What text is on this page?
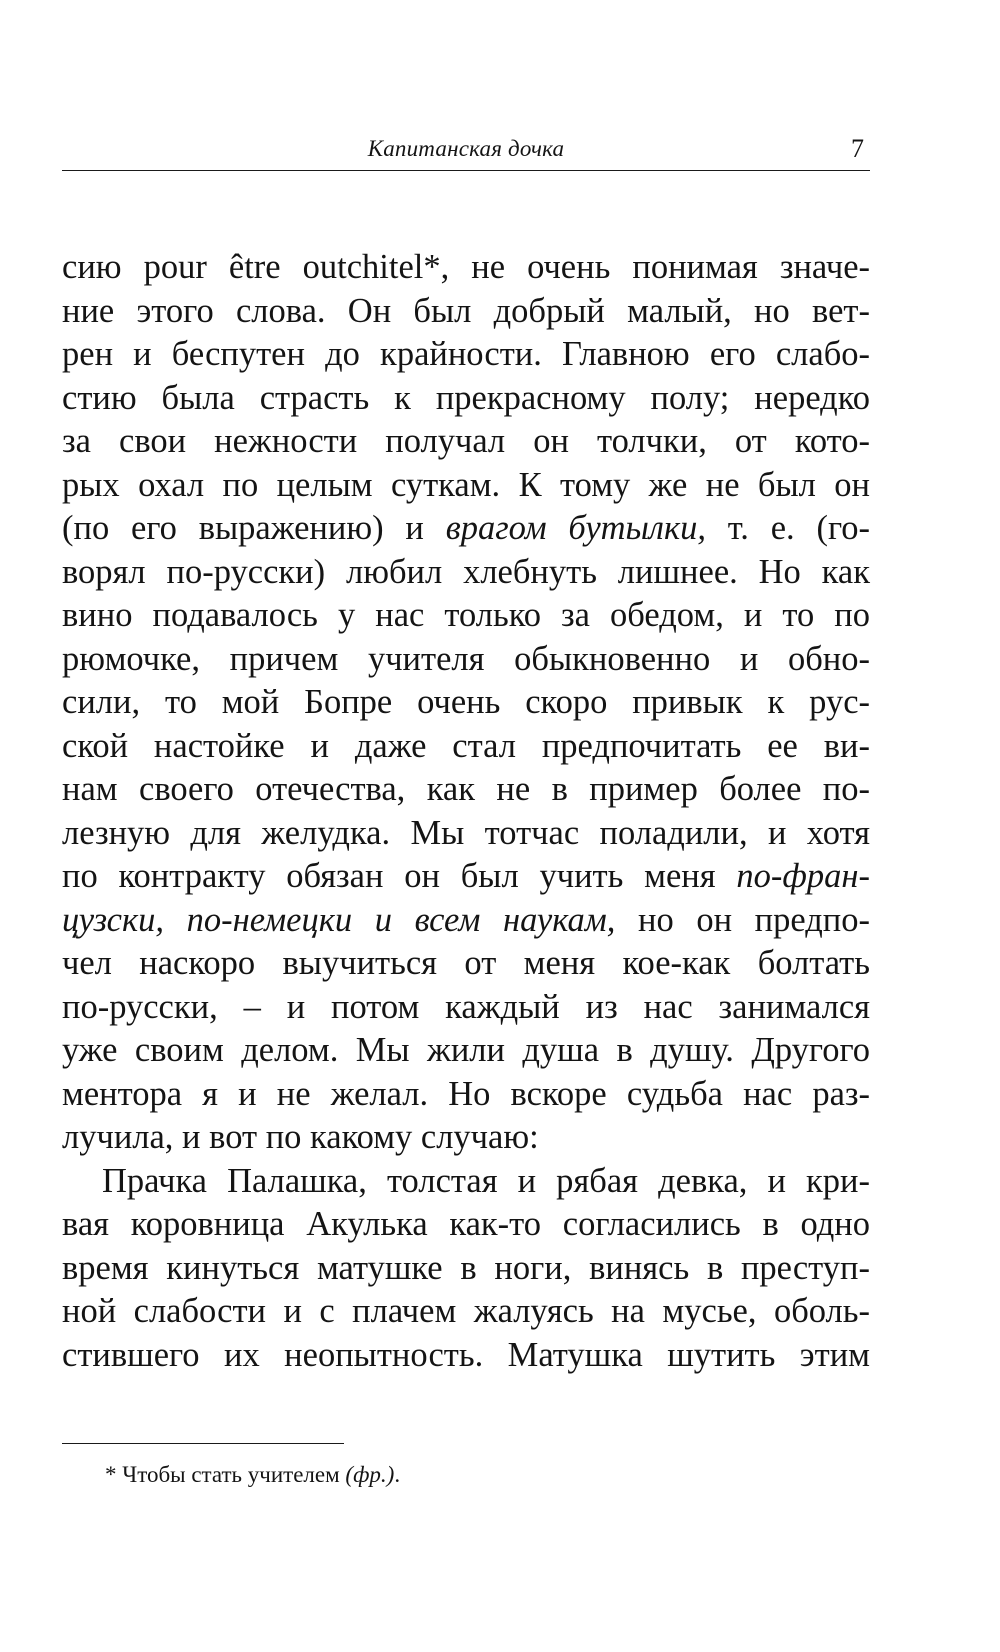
Капитанская дочка	7
сию pour être outchitel*, не очень понимая значе-
ние этого слова. Он был добрый малый, но вет-
рен и беспутен до крайности. Главною его слабо-
стию была страсть к прекрасному полу; нередко
за свои нежности получал он толчки, от кото-
рых охал по целым суткам. К тому же не был он
(по его выражению) и врагом бутылки, т. е. (го-
ворял по-русски) любил хлебнуть лишнее. Но как
вино подавалось у нас только за обедом, и то по
рюмочке, причем учителя обыкновенно и обно-
сили, то мой Бопре очень скоро привык к рус-
ской настойке и даже стал предпочитать ее ви-
нам своего отечества, как не в пример более по-
лезную для желудка. Мы тотчас поладили, и хотя
по контракту обязан он был учить меня по-фран-
цузски, по-немецки и всем наукам, но он предпо-
чел наскоро выучиться от меня кое-как болтать
по-русски, – и потом каждый из нас занимался
уже своим делом. Мы жили душа в душу. Другого
ментора я и не желал. Но вскоре судьба нас раз-
лучила, и вот по какому случаю:
Прачка Палашка, толстая и рябая девка, и кри-
вая коровница Акулька как-то согласились в одно
время кинуться матушке в ноги, винясь в преступ-
ной слабости и с плачем жалуясь на мусье, оболь-
стившего их неопытность. Матушка шутить этим
* Чтобы стать учителем (фр.).
